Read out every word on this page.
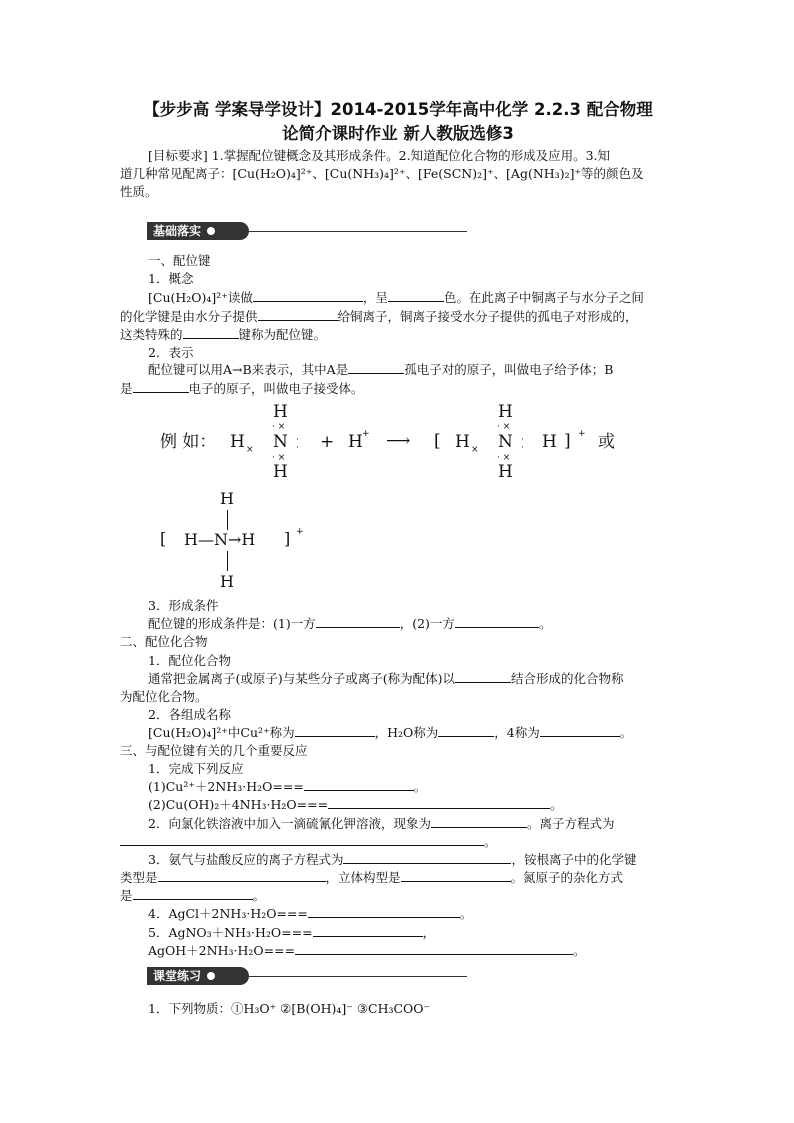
【步步高 学案导学设计】2014-2015学年高中化学 2.2.3 配合物理
论简介课时作业 新人教版选修3
[目标要求] 1.掌握配位键概念及其形成条件。2.知道配位化合物的形成及应用。3.知
道几种常见配离子：[Cu(H₂O)₄]²⁺、[Cu(NH₃)₄]²⁺、[Fe(SCN)₂]⁺、[Ag(NH₃)₂]⁺等的颜色及
性质。
基础落实
一、配位键
1．概念
[Cu(H₂O)₄]²⁺读做	，呈	色。在此离子中铜离子与水分子之间
的化学键是由水分子提供	给铜离子，铜离子接受水分子提供的孤电子对形成的，
这类特殊的	键称为配位键。
2．表示
配位键可以用A→B来表示，其中A是	孤电子对的原子，叫做电子给予体；B
是	电子的原子，叫做电子接受体。
例 如： H ×
H
· ×
N
· ×
H
·
· + H + ⟶ [ H ×
H
· ×
N
· ×
H
·
· H ] + 或
H
[ H—N→H ] +
H
3．形成条件
配位键的形成条件是：(1)一方	，(2)一方	。
二、配位化合物
1．配位化合物
通常把金属离子(或原子)与某些分子或离子(称为配体)以	结合形成的化合物称
为配位化合物。
2．各组成名称
[Cu(H₂O)₄]²⁺中Cu²⁺称为	，H₂O称为	，4称为	。
三、与配位键有关的几个重要反应
1．完成下列反应
(1)Cu²⁺＋2NH₃·H₂O===	。
(2)Cu(OH)₂＋4NH₃·H₂O===	。
2．向氯化铁溶液中加入一滴硫氰化钾溶液，现象为	。离子方程式为
。
3．氨气与盐酸反应的离子方程式为	，铵根离子中的化学键
类型是	，立体构型是	。氮原子的杂化方式
是	。
4．AgCl＋2NH₃·H₂O===	。
5．AgNO₃＋NH₃·H₂O===	，
AgOH＋2NH₃·H₂O===	。
课堂练习
1．下列物质：①H₃O⁺ ②[B(OH)₄]⁻ ③CH₃COO⁻
